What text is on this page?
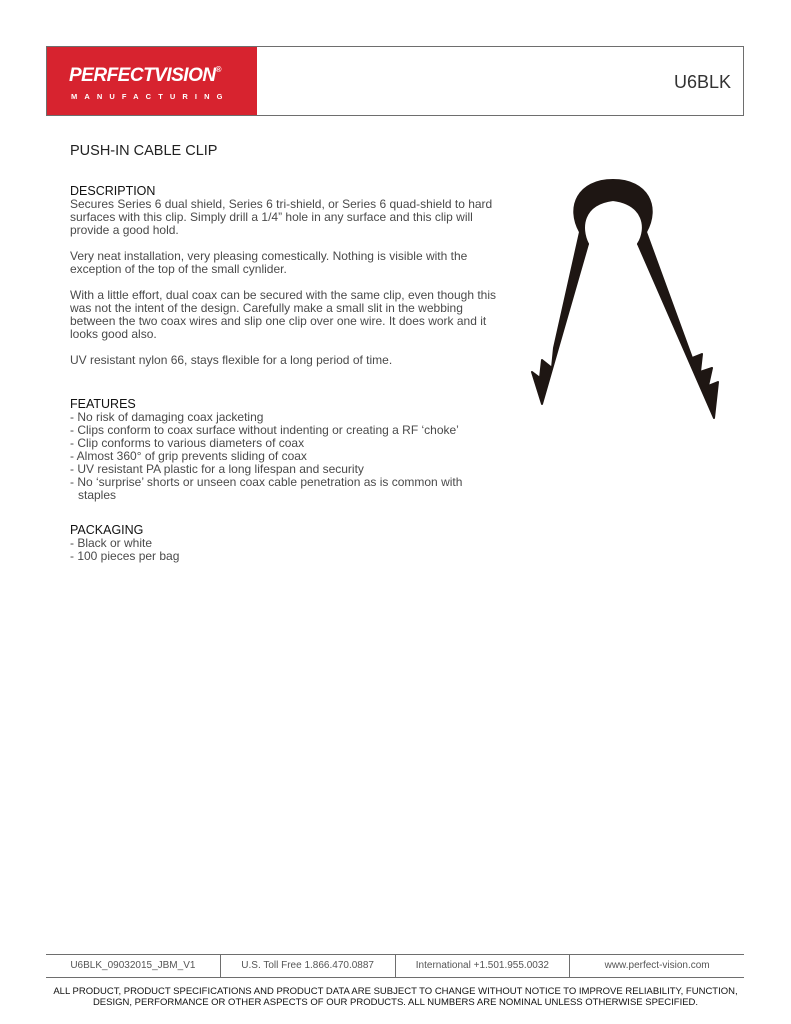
PERFECTVISION®
MANUFACTURING
U6BLK
PUSH-IN CABLE CLIP
DESCRIPTION

Secures Series 6 dual shield, Series 6 tri-shield, or Series 6 quad-shield to hard surfaces with this clip. Simply drill a 1/4” hole in any surface and this clip will provide a good hold.

Very neat installation, very pleasing comestically. Nothing is visible with the exception of the top of the small cynlider.

With a little effort, dual coax can be secured with the same clip, even though this was not the intent of the design. Carefully make a small slit in the webbing between the two coax wires and slip one clip over one wire. It does work and it looks good also.

UV resistant nylon 66, stays flexible for a long period of time.

FEATURES
- No risk of damaging coax jacketing
- Clips conform to coax surface without indenting or creating a RF ‘choke’
- Clip conforms to various diameters of coax
- Almost 360° of grip prevents sliding of coax
- UV resistant PA plastic for a long lifespan and security
- No ‘surprise’ shorts or unseen coax cable penetration as is common with staples
PACKAGING
- Black or white
- 100 pieces per bag
U6BLK_09032015_JBM_V1	U.S. Toll Free 1.866.470.0887	International +1.501.955.0032	www.perfect-vision.com
ALL PRODUCT, PRODUCT SPECIFICATIONS AND PRODUCT DATA ARE SUBJECT TO CHANGE WITHOUT NOTICE TO IMPROVE RELIABILITY, FUNCTION,
DESIGN, PERFORMANCE OR OTHER ASPECTS OF OUR PRODUCTS. ALL NUMBERS ARE NOMINAL UNLESS OTHERWISE SPECIFIED.
